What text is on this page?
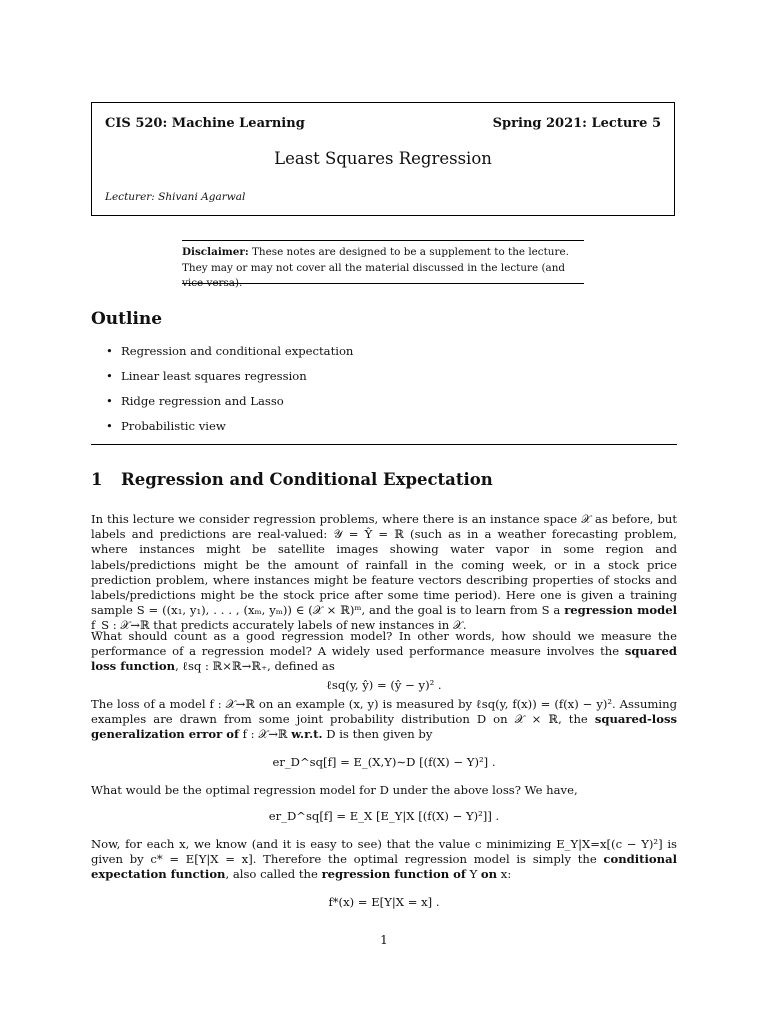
CIS 520: Machine Learning	Spring 2021: Lecture 5
Least Squares Regression
Lecturer: Shivani Agarwal
Disclaimer: These notes are designed to be a supplement to the lecture. They may or may not cover all the material discussed in the lecture (and vice versa).
Outline
• Regression and conditional expectation
• Linear least squares regression
• Ridge regression and Lasso
• Probabilistic view
1 Regression and Conditional Expectation
In this lecture we consider regression problems, where there is an instance space 𝒳 as before, but labels and predictions are real-valued: 𝒴 = Ŷ = ℝ (such as in a weather forecasting problem, where instances might be satellite images showing water vapor in some region and labels/predictions might be the amount of rainfall in the coming week, or in a stock price prediction problem, where instances might be feature vectors describing properties of stocks and labels/predictions might be the stock price after some time period). Here one is given a training sample S = ((x₁, y₁), . . . , (xₘ, yₘ)) ∈ (𝒳 × ℝ)ᵐ, and the goal is to learn from S a regression model f_S : 𝒳→ℝ that predicts accurately labels of new instances in 𝒳.
What should count as a good regression model? In other words, how should we measure the performance of a regression model? A widely used performance measure involves the squared loss function, ℓsq : ℝ×ℝ→ℝ₊, defined as
ℓsq(y, ŷ) = (ŷ − y)² .
The loss of a model f : 𝒳→ℝ on an example (x, y) is measured by ℓsq(y, f(x)) = (f(x) − y)². Assuming examples are drawn from some joint probability distribution D on 𝒳 × ℝ, the squared-loss generalization error of f : 𝒳→ℝ w.r.t. D is then given by
er_D^sq[f] = E_(X,Y)∼D [(f(X) − Y)²] .
What would be the optimal regression model for D under the above loss? We have,
er_D^sq[f] = E_X [E_Y|X [(f(X) − Y)²]] .
Now, for each x, we know (and it is easy to see) that the value c minimizing E_Y|X=x[(c − Y)²] is given by c* = E[Y|X = x]. Therefore the optimal regression model is simply the conditional expectation function, also called the regression function of Y on x:
f*(x) = E[Y|X = x] .
1
